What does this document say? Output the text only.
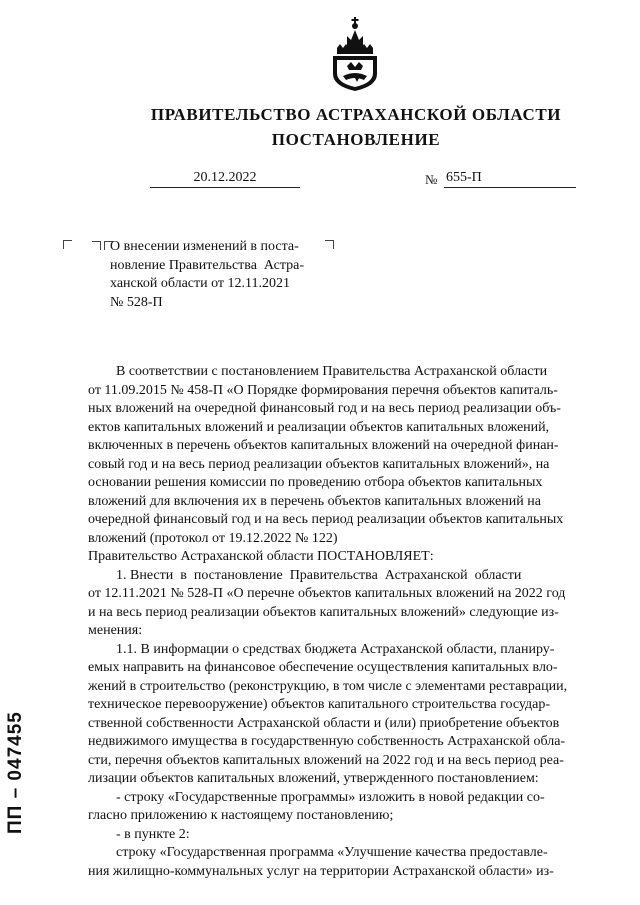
ПРАВИТЕЛЬСТВО АСТРАХАНСКОЙ ОБЛАСТИ
ПОСТАНОВЛЕНИЕ
20.12.2022	№ 655-П
О внесении изменений в поста-
новление Правительства  Астра-
ханской области от 12.11.2021
№ 528-П
В соответствии с постановлением Правительства Астраханской области
от 11.09.2015 № 458-П «О Порядке формирования перечня объектов капиталь-
ных вложений на очередной финансовый год и на весь период реализации объ-
ектов капитальных вложений и реализации объектов капитальных вложений,
включенных в перечень объектов капитальных вложений на очередной финан-
совый год и на весь период реализации объектов капитальных вложений», на
основании решения комиссии по проведению отбора объектов капитальных
вложений для включения их в перечень объектов капитальных вложений на
очередной финансовый год и на весь период реализации объектов капитальных
вложений (протокол от 19.12.2022 № 122)
Правительство Астраханской области ПОСТАНОВЛЯЕТ:
1. Внести  в  постановление  Правительства  Астраханской  области
от 12.11.2021 № 528-П «О перечне объектов капитальных вложений на 2022 год
и на весь период реализации объектов капитальных вложений» следующие из-
менения:
1.1. В информации о средствах бюджета Астраханской области, планиру-
емых направить на финансовое обеспечение осуществления капитальных вло-
жений в строительство (реконструкцию, в том числе с элементами реставрации,
техническое перевооружение) объектов капитального строительства государ-
ственной собственности Астраханской области и (или) приобретение объектов
недвижимого имущества в государственную собственность Астраханской обла-
сти, перечня объектов капитальных вложений на 2022 год и на весь период реа-
лизации объектов капитальных вложений, утвержденного постановлением:
- строку «Государственные программы» изложить в новой редакции со-
гласно приложению к настоящему постановлению;
- в пункте 2:
строку «Государственная программа «Улучшение качества предоставле-
ния жилищно-коммунальных услуг на территории Астраханской области» из-
ПП – 047455
